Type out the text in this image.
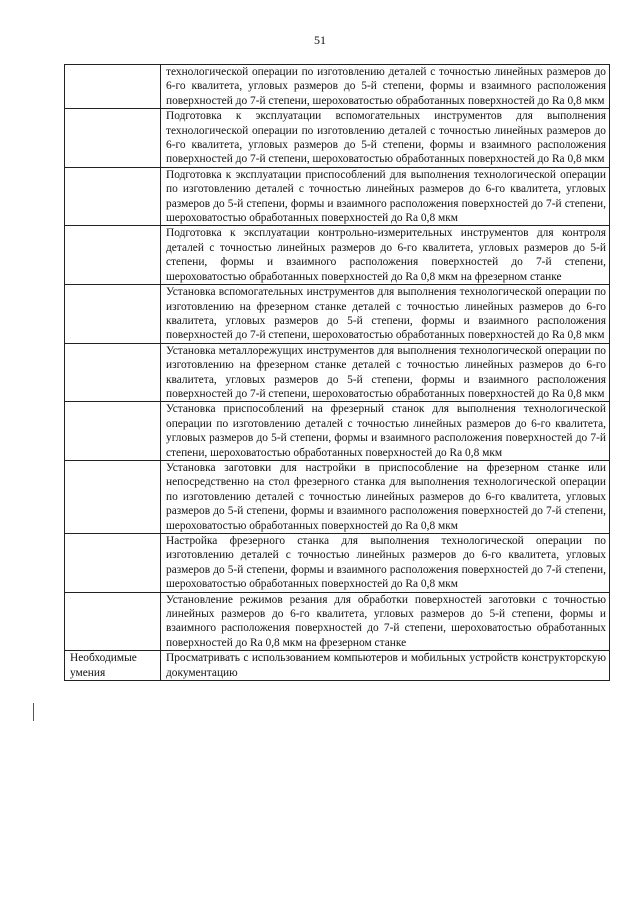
51
	технологической операции по изготовлению деталей с точностью линейных размеров до 6-го квалитета, угловых размеров до 5-й степени, формы и взаимного расположения поверхностей до 7-й степени, шероховатостью обработанных поверхностей до Ra 0,8 мкм
	Подготовка к эксплуатации вспомогательных инструментов для выполнения технологической операции по изготовлению деталей с точностью линейных размеров до 6-го квалитета, угловых размеров до 5-й степени, формы и взаимного расположения поверхностей до 7-й степени, шероховатостью обработанных поверхностей до Ra 0,8 мкм
	Подготовка к эксплуатации приспособлений для выполнения технологической операции по изготовлению деталей с точностью линейных размеров до 6-го квалитета, угловых размеров до 5-й степени, формы и взаимного расположения поверхностей до 7-й степени, шероховатостью обработанных поверхностей до Ra 0,8 мкм
	Подготовка к эксплуатации контрольно-измерительных инструментов для контроля деталей с точностью линейных размеров до 6-го квалитета, угловых размеров до 5-й степени, формы и взаимного расположения поверхностей до 7-й степени, шероховатостью обработанных поверхностей до Ra 0,8 мкм на фрезерном станке
	Установка вспомогательных инструментов для выполнения технологической операции по изготовлению на фрезерном станке деталей с точностью линейных размеров до 6-го квалитета, угловых размеров до 5-й степени, формы и взаимного расположения поверхностей до 7-й степени, шероховатостью обработанных поверхностей до Ra 0,8 мкм
	Установка металлорежущих инструментов для выполнения технологической операции по изготовлению на фрезерном станке деталей с точностью линейных размеров до 6-го квалитета, угловых размеров до 5-й степени, формы и взаимного расположения поверхностей до 7-й степени, шероховатостью обработанных поверхностей до Ra 0,8 мкм
	Установка приспособлений на фрезерный станок для выполнения технологической операции по изготовлению деталей с точностью линейных размеров до 6-го квалитета, угловых размеров до 5-й степени, формы и взаимного расположения поверхностей до 7-й степени, шероховатостью обработанных поверхностей до Ra 0,8 мкм
	Установка заготовки для настройки в приспособление на фрезерном станке или непосредственно на стол фрезерного станка для выполнения технологической операции по изготовлению деталей с точностью линейных размеров до 6-го квалитета, угловых размеров до 5-й степени, формы и взаимного расположения поверхностей до 7-й степени, шероховатостью обработанных поверхностей до Ra 0,8 мкм
	Настройка фрезерного станка для выполнения технологической операции по изготовлению деталей с точностью линейных размеров до 6-го квалитета, угловых размеров до 5-й степени, формы и взаимного расположения поверхностей до 7-й степени, шероховатостью обработанных поверхностей до Ra 0,8 мкм
	Установление режимов резания для обработки поверхностей заготовки с точностью линейных размеров до 6-го квалитета, угловых размеров до 5-й степени, формы и взаимного расположения поверхностей до 7-й степени, шероховатостью обработанных поверхностей до Ra 0,8 мкм на фрезерном станке
Необходимые умения	Просматривать с использованием компьютеров и мобильных устройств конструкторскую документацию
